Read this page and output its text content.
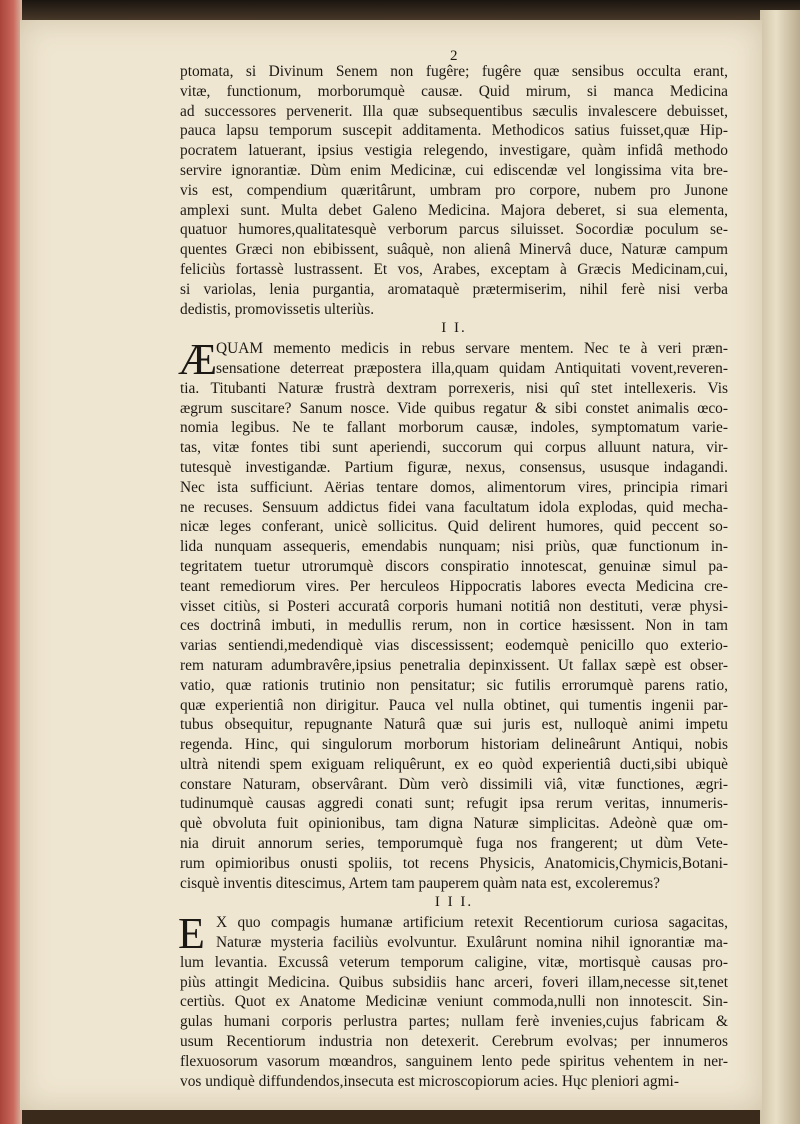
2
ptomata, si Divinum Senem non fugêre; fugêre quæ sensibus occulta erant,
vitæ, functionum, morborumquè causæ. Quid mirum, si manca Medicina
ad successores pervenerit. Illa quæ subsequentibus sæculis invalescere debuisset,
pauca lapsu temporum suscepit additamenta. Methodicos satius fuisset,quæ Hip-
pocratem latuerant, ipsius vestigia relegendo, investigare, quàm infidâ methodo
servire ignorantiæ. Dùm enim Medicinæ, cui ediscendæ vel longissima vita bre-
vis est, compendium quæritârunt, umbram pro corpore, nubem pro Junone
amplexi sunt. Multa debet Galeno Medicina. Majora deberet, si sua elementa,
quatuor humores,qualitatesquè verborum parcus siluisset. Socordiæ poculum se-
quentes Græci non ebibissent, suâquè, non alienâ Minervâ duce, Naturæ campum
feliciùs fortassè lustrassent. Et vos, Arabes, exceptam à Græcis Medicinam,cui,
si variolas, lenia purgantia, aromataquè prætermiserim, nihil ferè nisi verba
dedistis, promovissetis ulteriùs.
I I.
Æ
QUAM memento medicis in rebus servare mentem. Nec te à veri præn-
sensatione deterreat præpostera illa,quam quidam Antiquitati vovent,reveren-
tia. Titubanti Naturæ frustrà dextram porrexeris, nisi quî stet intellexeris. Vis
ægrum suscitare? Sanum nosce. Vide quibus regatur & sibi constet animalis œco-
nomia legibus. Ne te fallant morborum causæ, indoles, symptomatum varie-
tas, vitæ fontes tibi sunt aperiendi, succorum qui corpus alluunt natura, vir-
tutesquè investigandæ. Partium figuræ, nexus, consensus, ususque indagandi.
Nec ista sufficiunt. Aërias tentare domos, alimentorum vires, principia rimari
ne recuses. Sensuum addictus fidei vana facultatum idola explodas, quid mecha-
nicæ leges conferant, unicè sollicitus. Quid delirent humores, quid peccent so-
lida nunquam assequeris, emendabis nunquam; nisi priùs, quæ functionum in-
tegritatem tuetur utrorumquè discors conspiratio innotescat, genuinæ simul pa-
teant remediorum vires. Per herculeos Hippocratis labores evecta Medicina cre-
visset citiùs, si Posteri accuratâ corporis humani notitiâ non destituti, veræ physi-
ces doctrinâ imbuti, in medullis rerum, non in cortice hæsissent. Non in tam
varias sentiendi,medendiquè vias discessissent; eodemquè penicillo quo exterio-
rem naturam adumbravêre,ipsius penetralia depinxissent. Ut fallax sæpè est obser-
vatio, quæ rationis trutinio non pensitatur; sic futilis errorumquè parens ratio,
quæ experientiâ non dirigitur. Pauca vel nulla obtinet, qui tumentis ingenii par-
tubus obsequitur, repugnante Naturâ quæ sui juris est, nulloquè animi impetu
regenda. Hinc, qui singulorum morborum historiam delineârunt Antiqui, nobis
ultrà nitendi spem exiguam reliquêrunt, ex eo quòd experientiâ ducti,sibi ubiquè
constare Naturam, observârant. Dùm verò dissimili viâ, vitæ functiones, ægri-
tudinumquè causas aggredi conati sunt; refugit ipsa rerum veritas, innumeris-
què obvoluta fuit opinionibus, tam digna Naturæ simplicitas. Adeònè quæ om-
nia diruit annorum series, temporumquè fuga nos frangerent; ut dùm Vete-
rum opimioribus onusti spoliis, tot recens Physicis, Anatomicis,Chymicis,Botani-
cisquè inventis ditescimus, Artem tam pauperem quàm nata est, excoleremus?
I I I.
E X quo compagis humanæ artificium retexit Recentiorum curiosa sagacitas,
Naturæ mysteria faciliùs evolvuntur. Exulârunt nomina nihil ignorantiæ ma-
lum levantia. Excussâ veterum temporum caligine, vitæ, mortisquè causas pro-
piùs attingit Medicina. Quibus subsidiis hanc arceri, foveri illam,necesse sit,tenet
certiùs. Quot ex Anatome Medicinæ veniunt commoda,nulli non innotescit. Sin-
gulas humani corporis perlustra partes; nullam ferè invenies,cujus fabricam &
usum Recentiorum industria non detexerit. Cerebrum evolvas; per innumeros
flexuosorum vasorum mœandros, sanguinem lento pede spiritus vehentem in ner-
vos undiquè diffundendos,insecuta est microscopiorum acies. Hųc pleniori agmi-
